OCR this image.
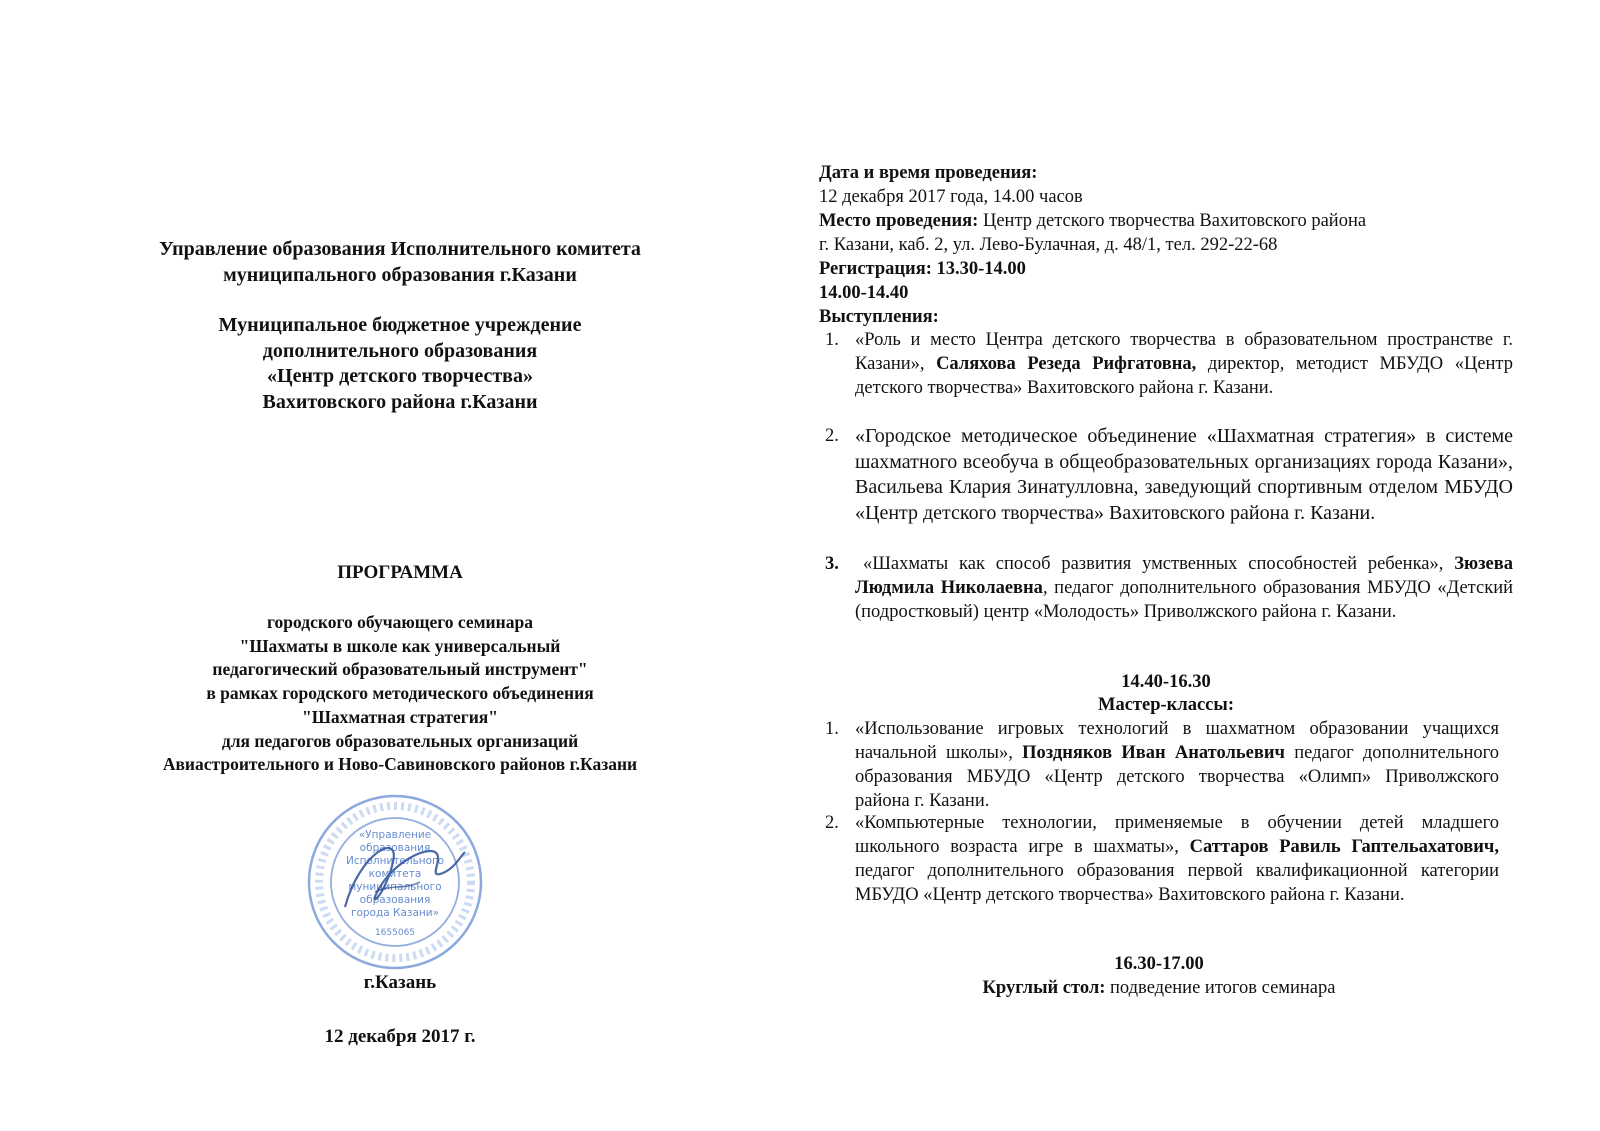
Управление образования Исполнительного комитета
муниципального образования г.Казани
Муниципальное бюджетное учреждение
дополнительного образования
«Центр детского творчества»
Вахитовского района г.Казани
ПРОГРАММА
городского обучающего семинара
"Шахматы в школе как универсальный
педагогический образовательный инструмент"
в рамках городского методического объединения
"Шахматная стратегия"
для педагогов образовательных организаций
Авиастроительного и Ново-Савиновского районов г.Казани
г.Казань
12 декабря 2017 г.
«Управление
образования
Исполнительного
комитета
муниципального
образования
города Казани»
1655065
Дата и время проведения:
12 декабря 2017 года, 14.00 часов
Место проведения: Центр детского творчества Вахитовского района
г. Казани, каб. 2, ул. Лево-Булачная, д. 48/1, тел. 292-22-68
Регистрация: 13.30-14.00
14.00-14.40
Выступления:
1. «Роль и место Центра детского творчества в образовательном пространстве г. Казани», Саляхова Резеда Рифгатовна, директор, методист МБУДО «Центр детского творчества» Вахитовского района г. Казани.
2. «Городское методическое объединение «Шахматная стратегия» в системе шахматного всеобуча в общеобразовательных организациях города Казани», Васильева Клария Зинатулловна, заведующий спортивным отделом МБУДО «Центр детского творчества» Вахитовского района г. Казани.
3.	«Шахматы как способ развития умственных способностей ребенка», Зюзева Людмила Николаевна, педагог дополнительного образования МБУДО «Детский (подростковый) центр «Молодость» Приволжского района г. Казани.
14.40-16.30
Мастер-классы:
1. «Использование игровых технологий в шахматном образовании учащихся начальной школы», Поздняков Иван Анатольевич педагог дополнительного образования МБУДО «Центр детского творчества «Олимп» Приволжского района г. Казани.
2. «Компьютерные технологии, применяемые в обучении детей младшего школьного возраста игре в шахматы», Саттаров Равиль Гаптельахатович, педагог дополнительного образования первой квалификационной категории МБУДО «Центр детского творчества» Вахитовского района г. Казани.
16.30-17.00
Круглый стол: подведение итогов семинара
